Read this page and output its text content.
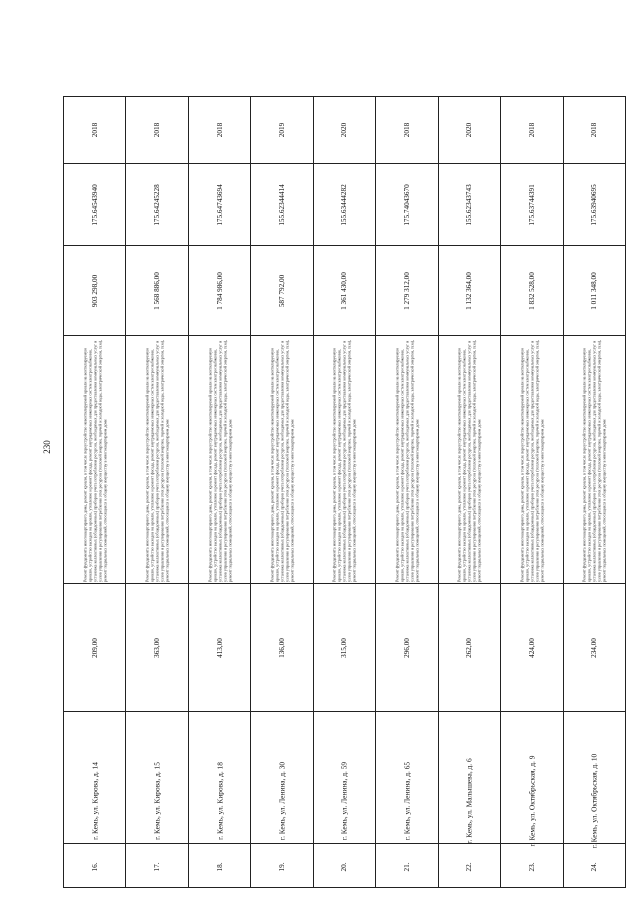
230
2018
175.64543940
903 298,00
Ремонт фундамента многоквартирного дома, ремонт кровли, в том числе переустройство невентилируемой кровли на вентилируемую кровлю, устройство выходов на кровлю, утепление и ремонт фасада, ремонт внутридомовых инженерных систем электроснабжения, установка коллективных (общедомовых) приборов учета потребления ресурсов, необходимых для предоставления коммунальных услуг и узлов управления и регулирования потребления этих ресурсов (тепловой энергии, горячей и холодной воды, электрической энергии, газа), ремонт подвальных помещений, относящихся к общему имуществу в многоквартирном доме
209,00
г. Кемь, ул. Кирова, д. 14
16.
2018
175.64245228
1 568 886,00
Ремонт фундамента многоквартирного дома, ремонт кровли, в том числе переустройство невентилируемой кровли на вентилируемую кровлю, устройство выходов на кровлю, утепление и ремонт фасада, ремонт внутридомовых инженерных систем электроснабжения, установка коллективных (общедомовых) приборов учета потребления ресурсов, необходимых для предоставления коммунальных услуг и узлов управления и регулирования потребления этих ресурсов (тепловой энергии, горячей и холодной воды, электрической энергии, газа), ремонт подвальных помещений, относящихся к общему имуществу в многоквартирном доме
363,00
г. Кемь, ул. Кирова, д. 15
17.
2018
175.64743694
1 784 986,00
Ремонт фундамента многоквартирного дома, ремонт кровли, в том числе переустройство невентилируемой кровли на вентилируемую кровлю, устройство выходов на кровлю, утепление и ремонт фасада, ремонт внутридомовых инженерных систем электроснабжения, установка коллективных (общедомовых) приборов учета потребления ресурсов, необходимых для предоставления коммунальных услуг и узлов управления и регулирования потребления этих ресурсов (тепловой энергии, горячей и холодной воды, электрической энергии, газа), ремонт подвальных помещений, относящихся к общему имуществу в многоквартирном доме
413,00
г. Кемь, ул. Кирова, д. 18
18.
2019
155.62344414
587 792,00
Ремонт фундамента многоквартирного дома, ремонт кровли, в том числе переустройство невентилируемой кровли на вентилируемую кровлю, устройство выходов на кровлю, утепление и ремонт фасада, ремонт внутридомовых инженерных систем электроснабжения, установка коллективных (общедомовых) приборов учета потребления ресурсов, необходимых для предоставления коммунальных услуг и узлов управления и регулирования потребления этих ресурсов (тепловой энергии, горячей и холодной воды, электрической энергии, газа), ремонт подвальных помещений, относящихся к общему имуществу в многоквартирном доме
136,00
г. Кемь, ул. Ленина, д. 30
19.
2020
155.63444282
1 361 430,00
Ремонт фундамента многоквартирного дома, ремонт кровли, в том числе переустройство невентилируемой кровли на вентилируемую кровлю, устройство выходов на кровлю, утепление и ремонт фасада, ремонт внутридомовых инженерных систем электроснабжения, установка коллективных (общедомовых) приборов учета потребления ресурсов, необходимых для предоставления коммунальных услуг и узлов управления и регулирования потребления этих ресурсов (тепловой энергии, горячей и холодной воды, электрической энергии, газа), ремонт подвальных помещений, относящихся к общему имуществу в многоквартирном доме
315,00
г. Кемь, ул. Ленина, д. 59
20.
2018
175.74043670
1 279 312,00
Ремонт фундамента многоквартирного дома, ремонт кровли, в том числе переустройство невентилируемой кровли на вентилируемую кровлю, устройство выходов на кровлю, утепление и ремонт фасада, ремонт внутридомовых инженерных систем электроснабжения, установка коллективных (общедомовых) приборов учета потребления ресурсов, необходимых для предоставления коммунальных услуг и узлов управления и регулирования потребления этих ресурсов (тепловой энергии, горячей и холодной воды, электрической энергии, газа), ремонт подвальных помещений, относящихся к общему имуществу в многоквартирном доме
296,00
г. Кемь, ул. Ленина, д. 65
21.
2020
155.62343743
1 132 364,00
Ремонт фундамента многоквартирного дома, ремонт кровли, в том числе переустройство невентилируемой кровли на вентилируемую кровлю, устройство выходов на кровлю, утепление и ремонт фасада, ремонт внутридомовых инженерных систем электроснабжения, установка коллективных (общедомовых) приборов учета потребления ресурсов, необходимых для предоставления коммунальных услуг и узлов управления и регулирования потребления этих ресурсов (тепловой энергии, горячей и холодной воды, электрической энергии, газа), ремонт подвальных помещений, относящихся к общему имуществу в многоквартирном доме
262,00
г. Кемь, ул. Малышева, д. 6
22.
2018
175.63744391
1 832 528,00
Ремонт фундамента многоквартирного дома, ремонт кровли, в том числе переустройство невентилируемой кровли на вентилируемую кровлю, устройство выходов на кровлю, утепление и ремонт фасада, ремонт внутридомовых инженерных систем электроснабжения, установка коллективных (общедомовых) приборов учета потребления ресурсов, необходимых для предоставления коммунальных услуг и узлов управления и регулирования потребления этих ресурсов (тепловой энергии, горячей и холодной воды, электрической энергии, газа), ремонт подвальных помещений, относящихся к общему имуществу в многоквартирном доме
424,00
г. Кемь, ул. Октябрьская, д. 9
23.
2018
175.63940695
1 011 348,00
Ремонт фундамента многоквартирного дома, ремонт кровли, в том числе переустройство невентилируемой кровли на вентилируемую кровлю, устройство выходов на кровлю, утепление и ремонт фасада, ремонт внутридомовых инженерных систем электроснабжения, установка коллективных (общедомовых) приборов учета потребления ресурсов, необходимых для предоставления коммунальных услуг и узлов управления и регулирования потребления этих ресурсов (тепловой энергии, горячей и холодной воды, электрической энергии, газа), ремонт подвальных помещений, относящихся к общему имуществу в многоквартирном доме
234,00
г. Кемь, ул. Октябрьская, д. 10
24.
